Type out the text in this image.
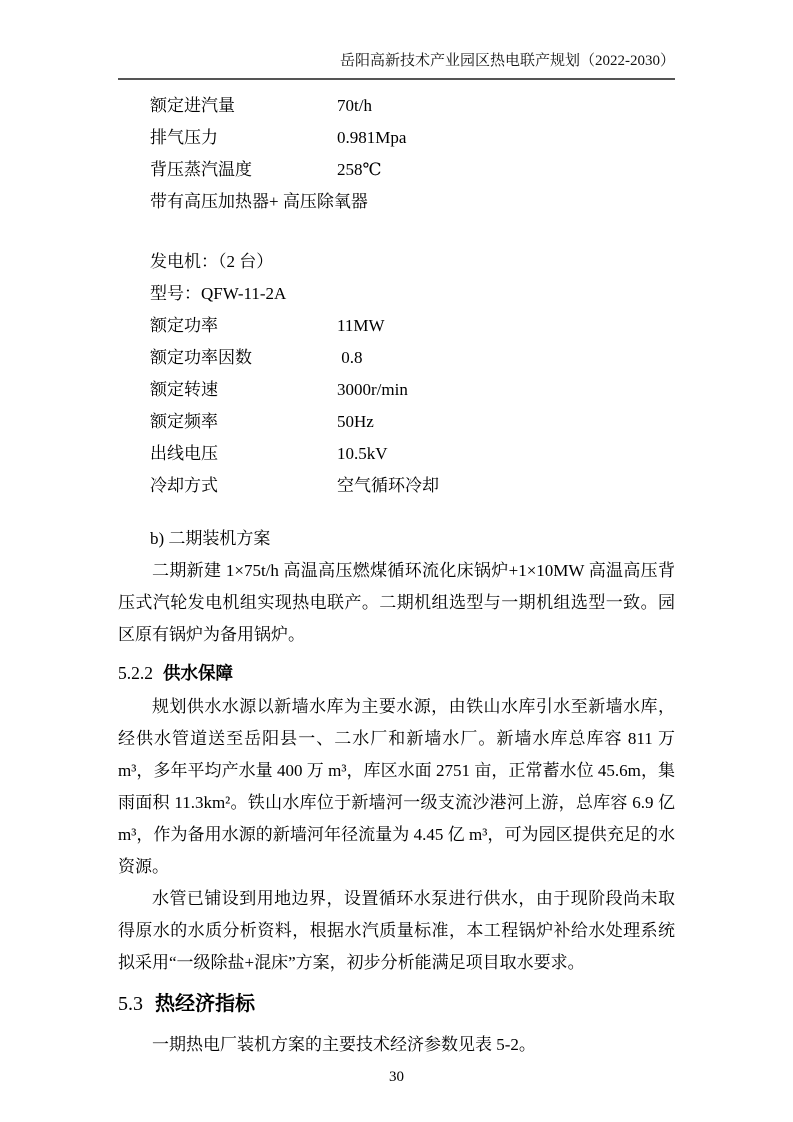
岳阳高新技术产业园区热电联产规划（2022-2030）
额定进汽量	70t/h
排气压力	0.981Mpa
背压蒸汽温度	258℃
带有高压加热器+ 高压除氧器
发电机：（2 台）
型号：QFW-11-2A
额定功率	11MW
额定功率因数	0.8
额定转速	3000r/min
额定频率	50Hz
出线电压	10.5kV
冷却方式	空气循环冷却
b) 二期装机方案

二期新建 1×75t/h 高温高压燃煤循环流化床锅炉+1×10MW 高温高压背压式汽轮发电机组实现热电联产。二期机组选型与一期机组选型一致。园区原有锅炉为备用锅炉。

5.2.2 供水保障

规划供水水源以新墙水库为主要水源，由铁山水库引水至新墙水库，经供水管道送至岳阳县一、二水厂和新墙水厂。新墙水库总库容 811 万 m³，多年平均产水量 400 万 m³，库区水面 2751 亩，正常蓄水位 45.6m，集雨面积 11.3km²。铁山水库位于新墙河一级支流沙港河上游，总库容 6.9 亿 m³，作为备用水源的新墙河年径流量为 4.45 亿 m³，可为园区提供充足的水资源。

水管已铺设到用地边界，设置循环水泵进行供水，由于现阶段尚未取得原水的水质分析资料，根据水汽质量标准，本工程锅炉补给水处理系统拟采用“一级除盐+混床”方案，初步分析能满足项目取水要求。

5.3 热经济指标

一期热电厂装机方案的主要技术经济参数见表 5-2。

30
